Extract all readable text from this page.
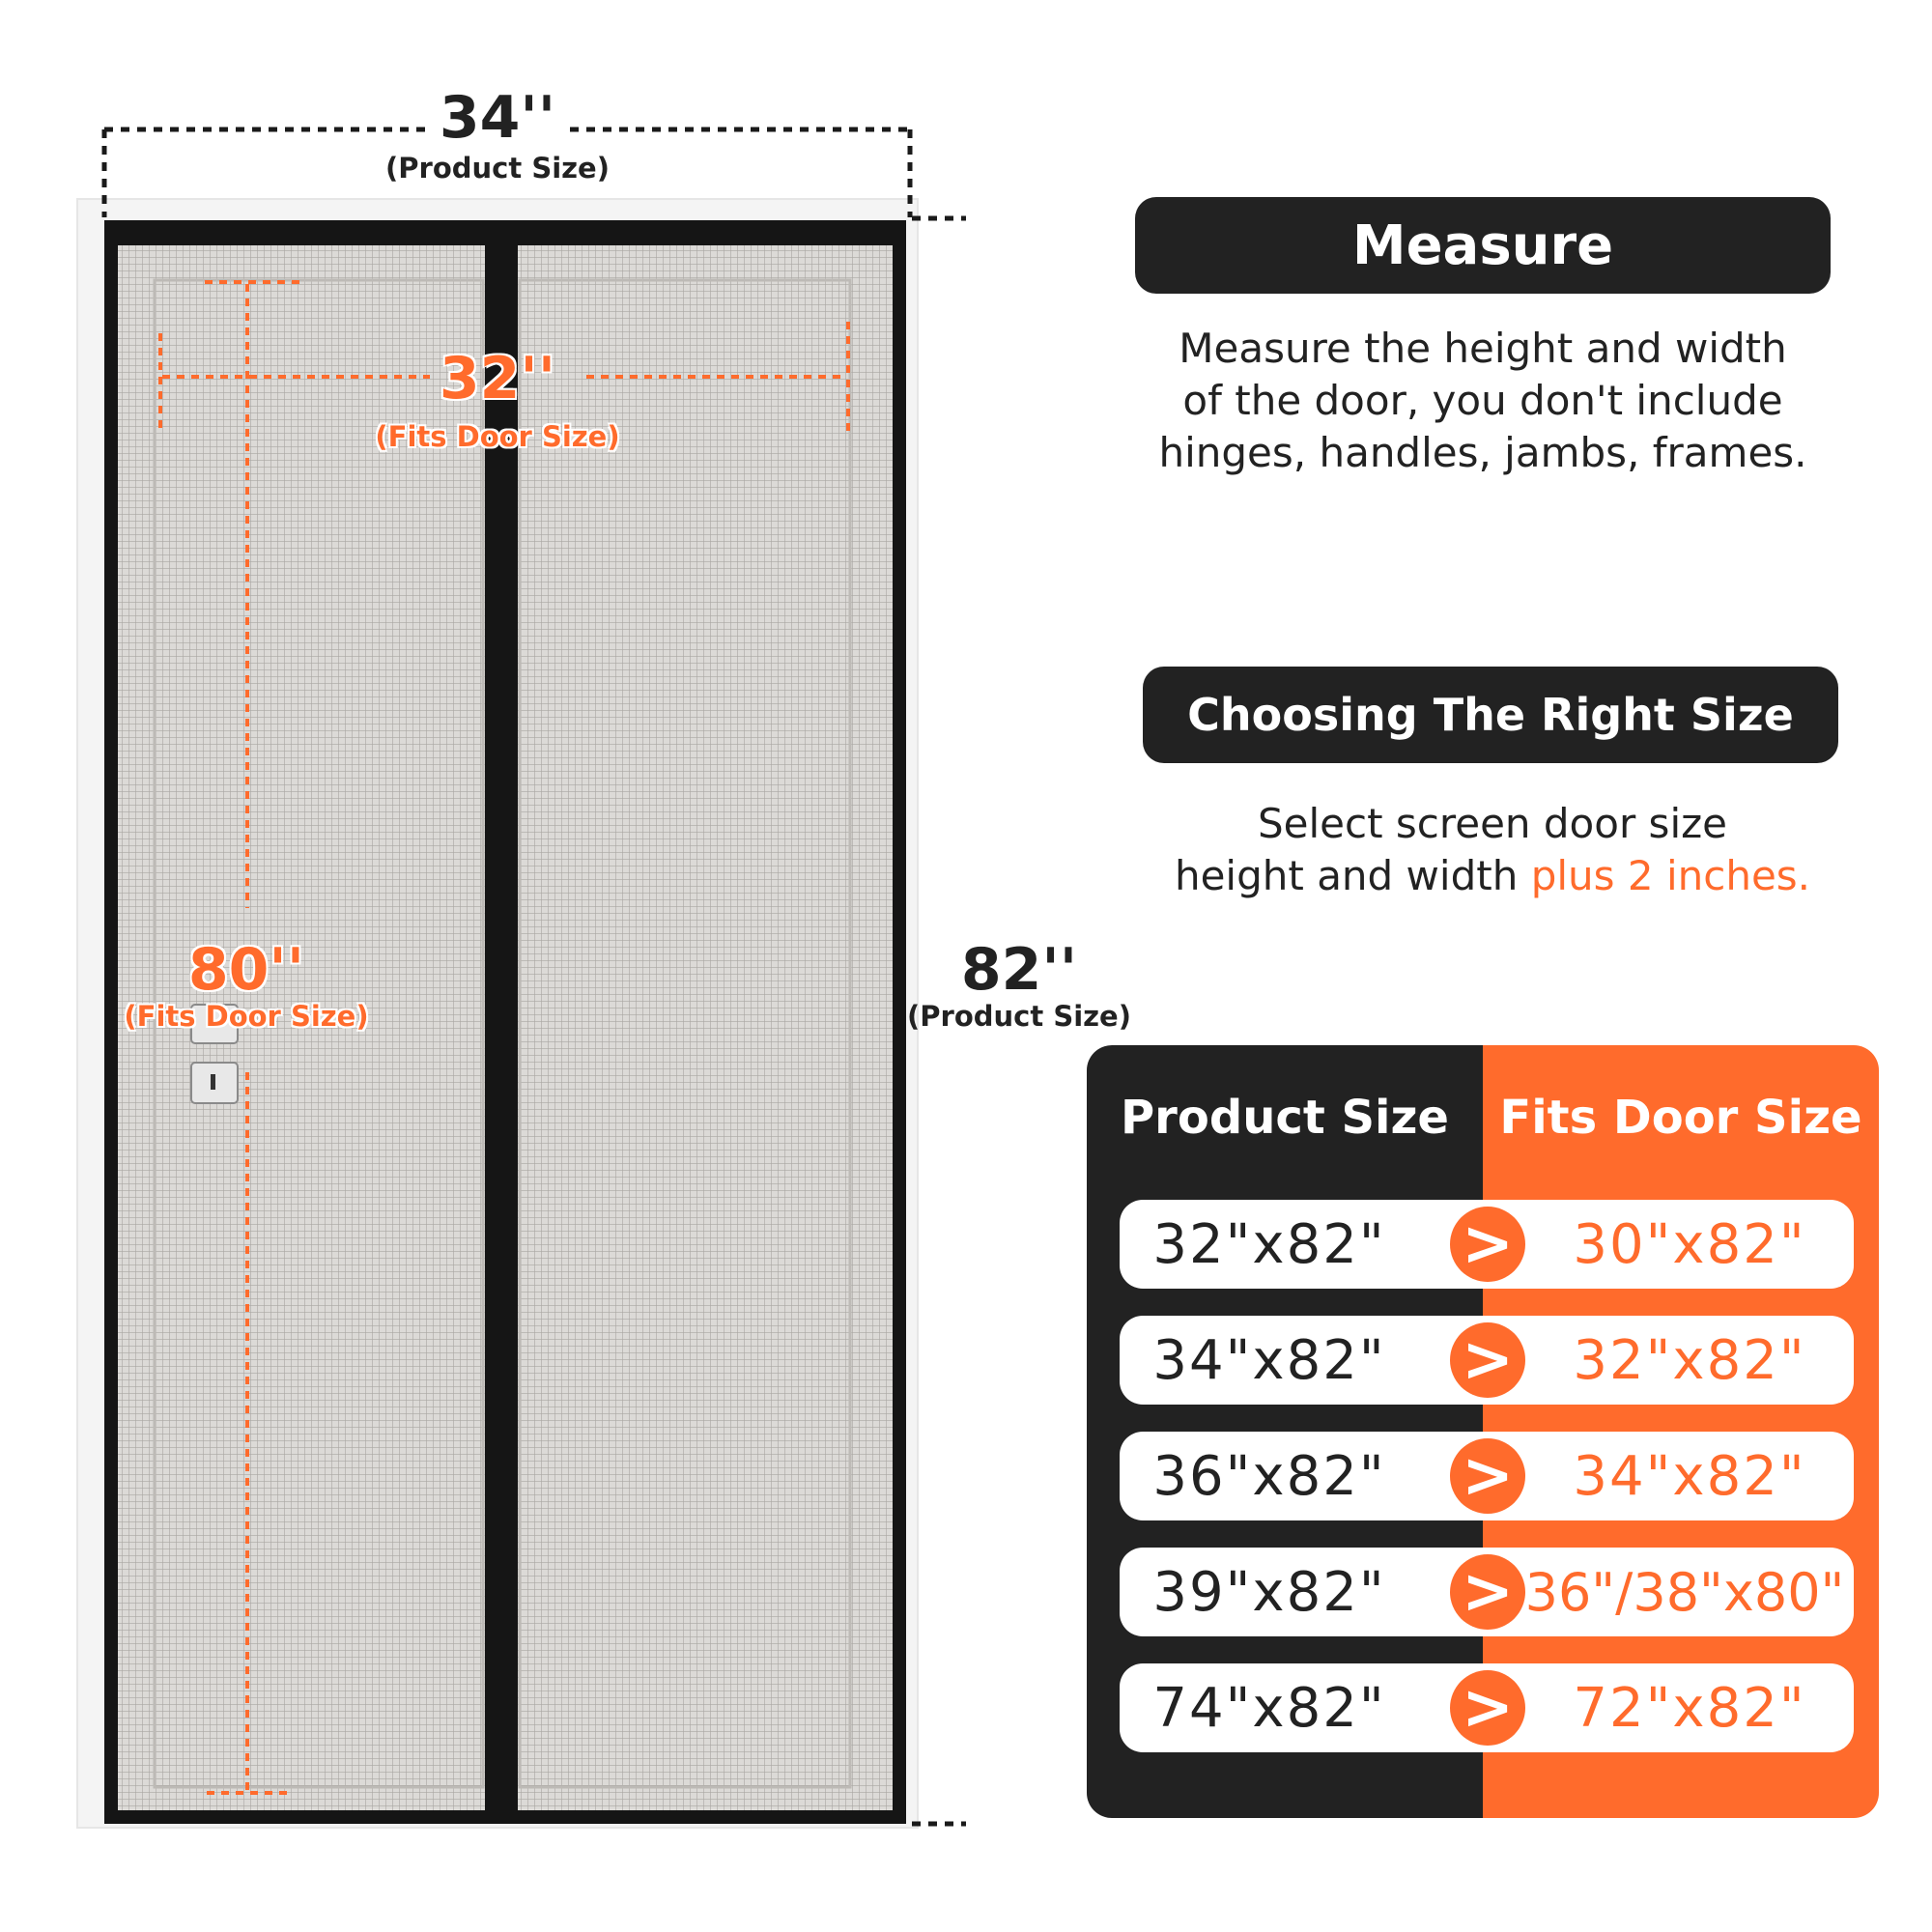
34''
(Product Size)
32''
(Fits Door Size)
80''
(Fits Door Size)
82''
(Product Size)
Measure
Measure the height and width
of the door, you don't include
hinges, handles, jambs, frames.
Choosing The Right Size
Select screen door size
height and width plus 2 inches.
Product Size	Fits Door Size
32"x82"	>	30"x82"
34"x82"	>	32"x82"
36"x82"	>	34"x82"
39"x82"	> 36"/38"x80"
74"x82"	>	72"x82"
